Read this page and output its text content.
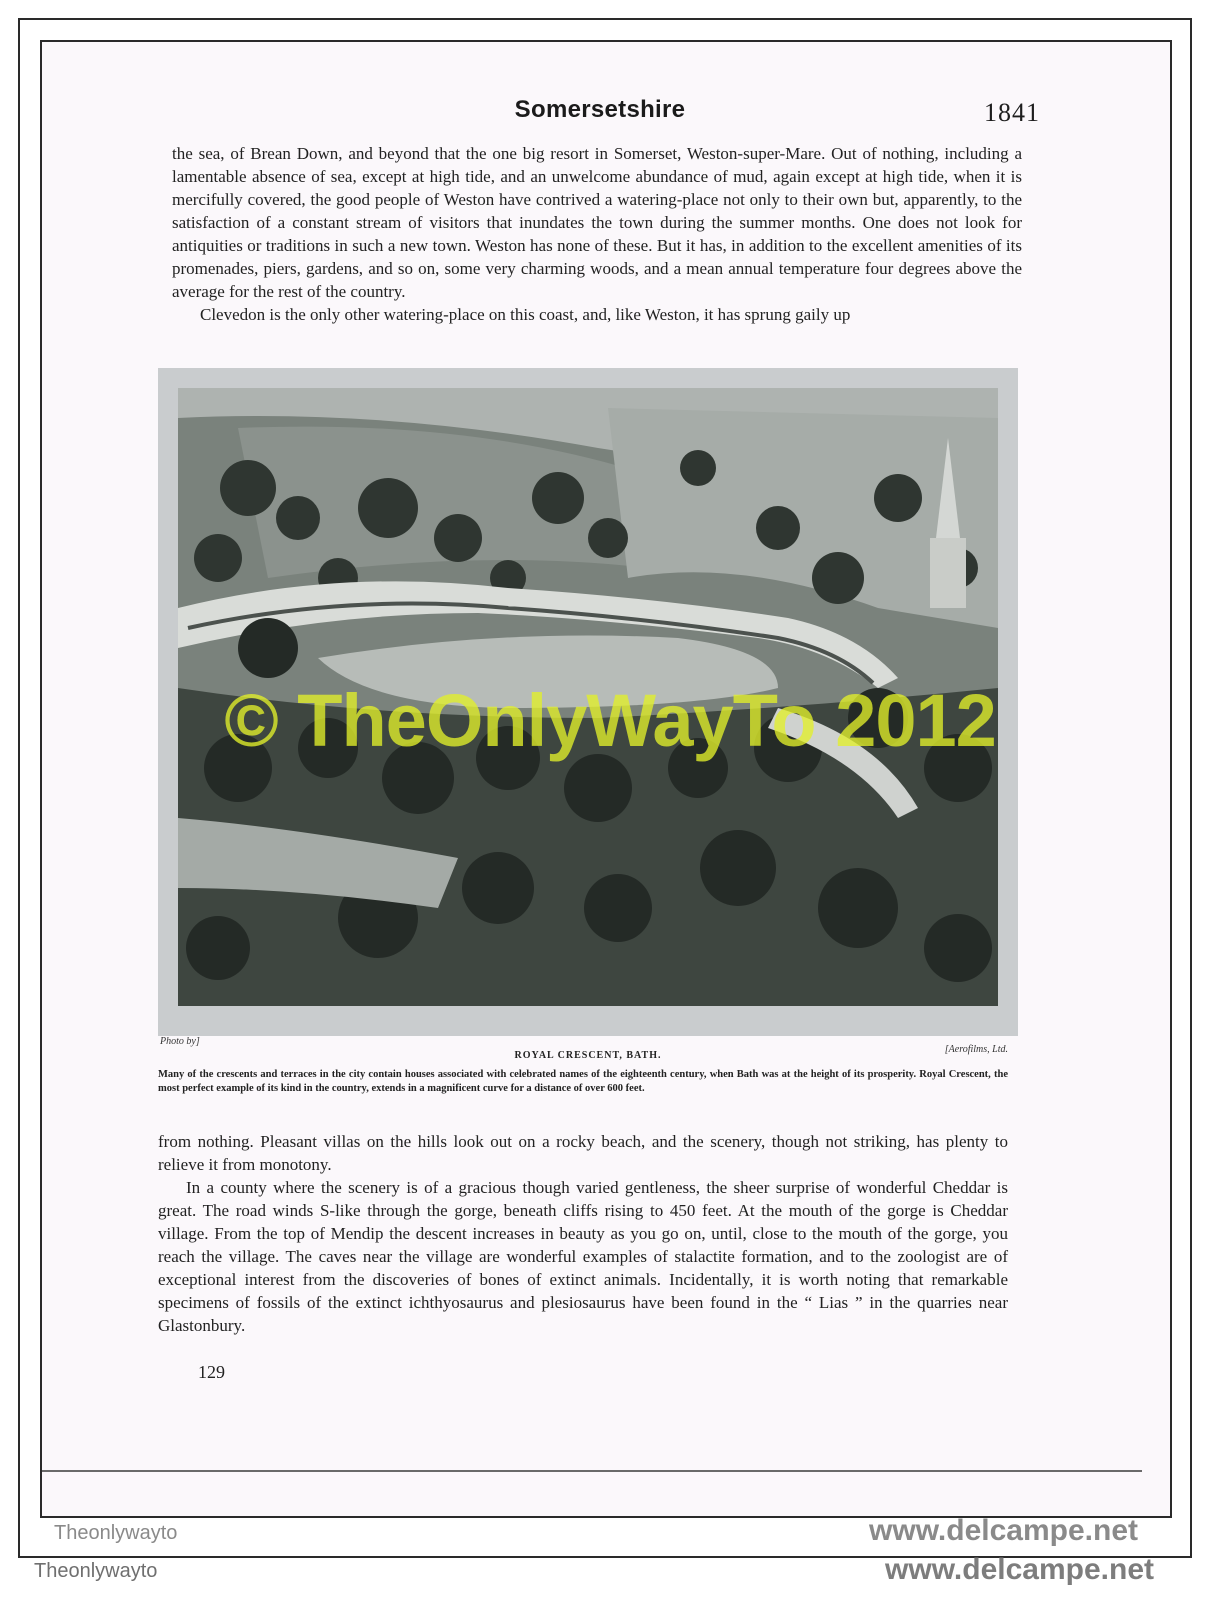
Somersetshire	1841

the sea, of Brean Down, and beyond that the one big resort in Somerset, Weston-super-Mare. Out of nothing, including a lamentable absence of sea, except at high tide, and an unwelcome abundance of mud, again except at high tide, when it is mercifully covered, the good people of Weston have contrived a watering-place not only to their own but, apparently, to the satisfaction of a constant stream of visitors that inundates the town during the summer months. One does not look for antiquities or traditions in such a new town. Weston has none of these. But it has, in addition to the excellent amenities of its promenades, piers, gardens, and so on, some very charming woods, and a mean annual temperature four degrees above the average for the rest of the country.

Clevedon is the only other watering-place on this coast, and, like Weston, it has sprung gaily up

© TheOnlyWayTo 2012
Photo by]
[Aerofilms, Ltd.
ROYAL CRESCENT, BATH.
Many of the crescents and terraces in the city contain houses associated with celebrated names of the eighteenth century, when Bath was at the height of its prosperity. Royal Crescent, the most perfect example of its kind in the country, extends in a magnificent curve for a distance of over 600 feet.

from nothing. Pleasant villas on the hills look out on a rocky beach, and the scenery, though not striking, has plenty to relieve it from monotony.

In a county where the scenery is of a gracious though varied gentleness, the sheer surprise of wonderful Cheddar is great. The road winds S-like through the gorge, beneath cliffs rising to 450 feet. At the mouth of the gorge is Cheddar village. From the top of Mendip the descent increases in beauty as you go on, until, close to the mouth of the gorge, you reach the village. The caves near the village are wonderful examples of stalactite formation, and to the zoologist are of exceptional interest from the discoveries of bones of extinct animals. Incidentally, it is worth noting that remarkable specimens of fossils of the extinct ichthyosaurus and plesiosaurus have been found in the “ Lias ” in the quarries near Glastonbury.

129
Theonlywayto	www.delcampe.net
Theonlywayto	www.delcampe.net
